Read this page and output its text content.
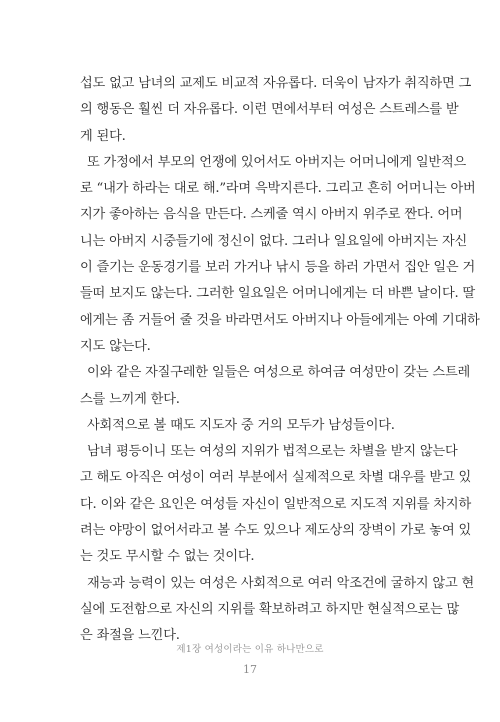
섭도 없고 남녀의 교제도 비교적 자유롭다. 더욱이 남자가 취직하면 그
의 행동은 훨씬 더 자유롭다. 이런 면에서부터 여성은 스트레스를 받
게 된다.
또 가정에서 부모의 언쟁에 있어서도 아버지는 어머니에게 일반적으
로 “내가 하라는 대로 해.”라며 윽박지른다. 그리고 흔히 어머니는 아버
지가 좋아하는 음식을 만든다. 스케줄 역시 아버지 위주로 짠다. 어머
니는 아버지 시중들기에 정신이 없다. 그러나 일요일에 아버지는 자신
이 즐기는 운동경기를 보러 가거나 낚시 등을 하러 가면서 집안 일은 거
들떠 보지도 않는다. 그러한 일요일은 어머니에게는 더 바쁜 날이다. 딸
에게는 좀 거들어 줄 것을 바라면서도 아버지나 아들에게는 아예 기대하
지도 않는다.
이와 같은 자질구레한 일들은 여성으로 하여금 여성만이 갖는 스트레
스를 느끼게 한다.
사회적으로 볼 때도 지도자 중 거의 모두가 남성들이다.
남녀 평등이니 또는 여성의 지위가 법적으로는 차별을 받지 않는다
고 해도 아직은 여성이 여러 부분에서 실제적으로 차별 대우를 받고 있
다. 이와 같은 요인은 여성들 자신이 일반적으로 지도적 지위를 차지하
려는 야망이 없어서라고 볼 수도 있으나 제도상의 장벽이 가로 놓여 있
는 것도 무시할 수 없는 것이다.
재능과 능력이 있는 여성은 사회적으로 여러 악조건에 굴하지 않고 현
실에 도전함으로 자신의 지위를 확보하려고 하지만 현실적으로는 많
은 좌절을 느낀다.
제1장 여성이라는 이유 하나만으로
17
